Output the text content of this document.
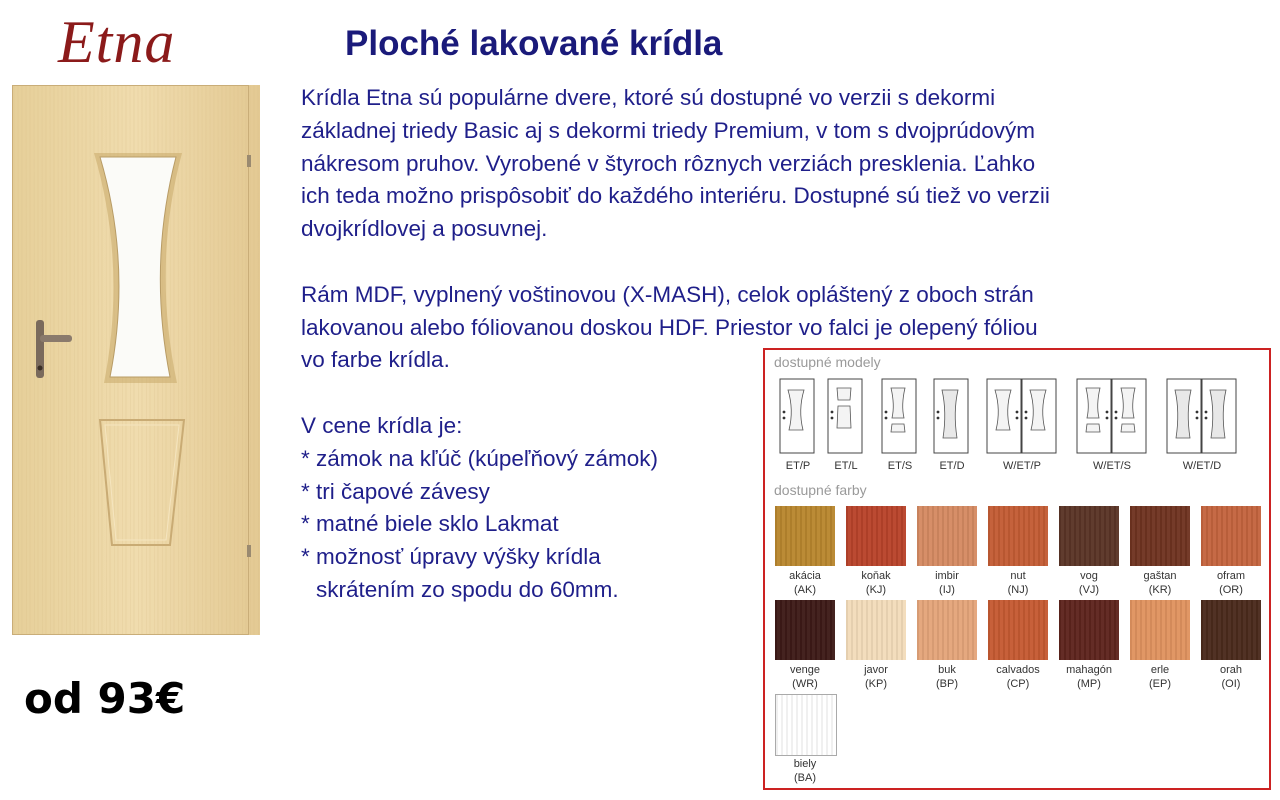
Etna	Ploché lakované krídla
od 93€

Krídla Etna sú populárne dvere, ktoré sú dostupné vo verzii s dekormi

základnej triedy Basic aj s dekormi triedy Premium, v tom s dvojprúdovým

nákresom pruhov. Vyrobené v štyroch rôznych verziách presklenia. Ľahko

ich teda možno prispôsobiť do každého interiéru. Dostupné sú tiež vo verzii

dvojkrídlovej a posuvnej.

Rám MDF, vyplnený voštinovou (X-MASH), celok opláštený z oboch strán

lakovanou alebo fóliovanou doskou HDF. Priestor vo falci je olepený fóliou

vo farbe krídla.

V cene krídla je:

* zámok na kľúč (kúpeľňový zámok)

* tri čapové závesy

* matné biele sklo Lakmat

* možnosť úpravy výšky krídla

skrátením zo spodu do 60mm.

dostupné modely
ET/P	ET/L	ET/S	ET/D	W/ET/P	W/ET/S	W/ET/D
dostupné farby
akácia
(AK)
koňak
(KJ)
imbir
(IJ)
nut
(NJ)
vog
(VJ)
gaštan
(KR)
ofram
(OR)
venge
(WR)
javor
(KP)
buk
(BP)
calvados
(CP)
mahagón
(MP)
erle
(EP)
orah
(OI)
biely
(BA)
